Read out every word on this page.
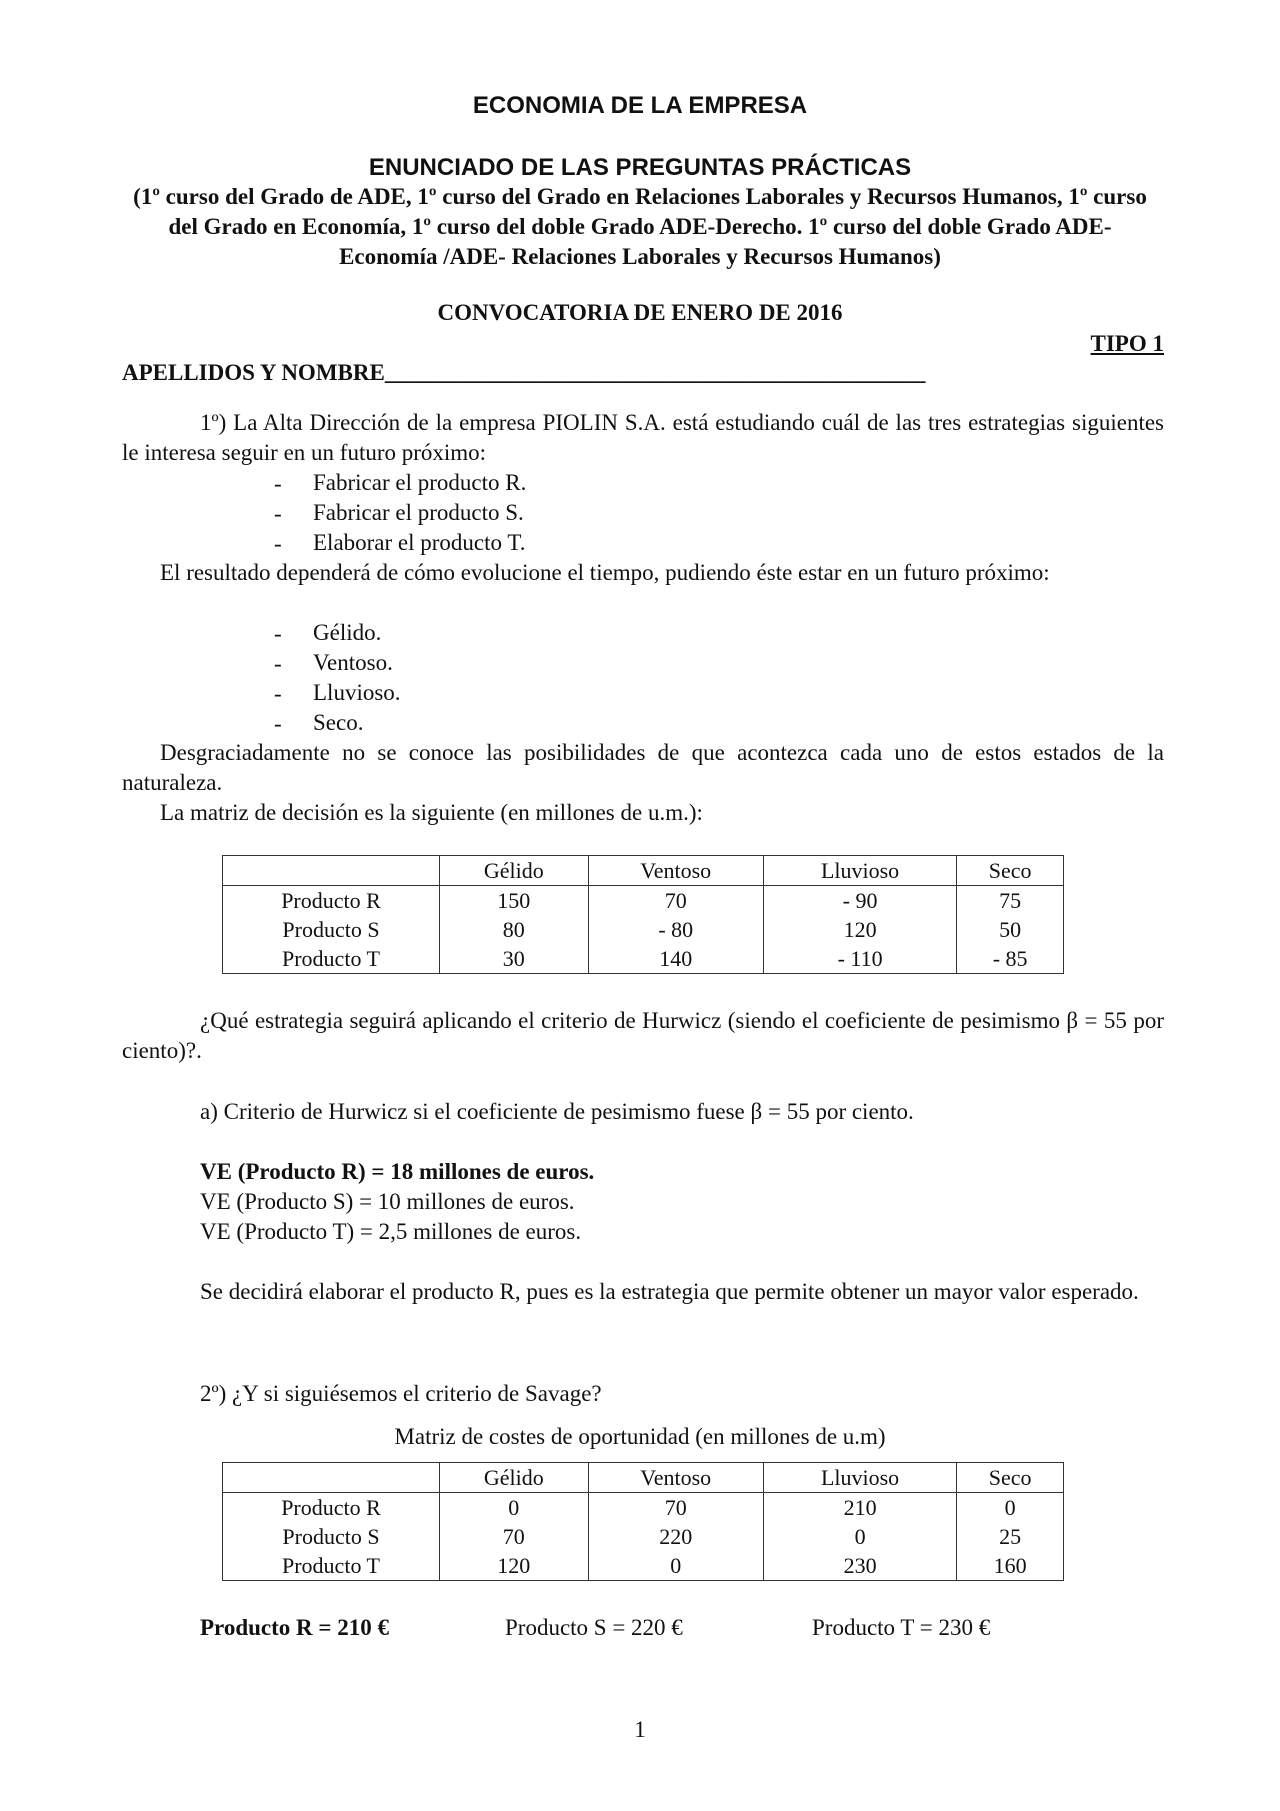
ECONOMIA DE LA EMPRESA
ENUNCIADO DE LAS PREGUNTAS PRÁCTICAS
(1º curso del Grado de ADE, 1º curso del Grado en Relaciones Laborales y Recursos Humanos, 1º curso del Grado en Economía, 1º curso del doble Grado ADE-Derecho. 1º curso del doble Grado ADE-Economía /ADE- Relaciones Laborales y Recursos Humanos)
CONVOCATORIA DE ENERO DE 2016
TIPO 1
APELLIDOS Y NOMBRE_______________________________________________
1º) La Alta Dirección de la empresa PIOLIN S.A. está estudiando cuál de las tres estrategias siguientes le interesa seguir en un futuro próximo:
- Fabricar el producto R.
- Fabricar el producto S.
- Elaborar el producto T.
El resultado dependerá de cómo evolucione el tiempo, pudiendo éste estar en un futuro próximo:
- Gélido.
- Ventoso.
- Lluvioso.
- Seco.
Desgraciadamente no se conoce las posibilidades de que acontezca cada uno de estos estados de la naturaleza.
La matriz de decisión es la siguiente (en millones de u.m.):
	Gélido	Ventoso	Lluvioso	Seco
Producto R	150	70	- 90	75
Producto S	80	- 80	120	50
Producto T	30	140	- 110	- 85
¿Qué estrategia seguirá aplicando el criterio de Hurwicz (siendo el coeficiente de pesimismo β = 55 por ciento)?.
a) Criterio de Hurwicz si el coeficiente de pesimismo fuese β = 55 por ciento.
VE (Producto R) = 18 millones de euros.
VE (Producto S) = 10 millones de euros.
VE (Producto T) = 2,5 millones de euros.
Se decidirá elaborar el producto R, pues es la estrategia que permite obtener un mayor valor esperado.
2º) ¿Y si siguiésemos el criterio de Savage?
Matriz de costes de oportunidad (en millones de u.m)
	Gélido	Ventoso	Lluvioso	Seco
Producto R	0	70	210	0
Producto S	70	220	0	25
Producto T	120	0	230	160
Producto R = 210 €	Producto S = 220 €	Producto T = 230 €
1
